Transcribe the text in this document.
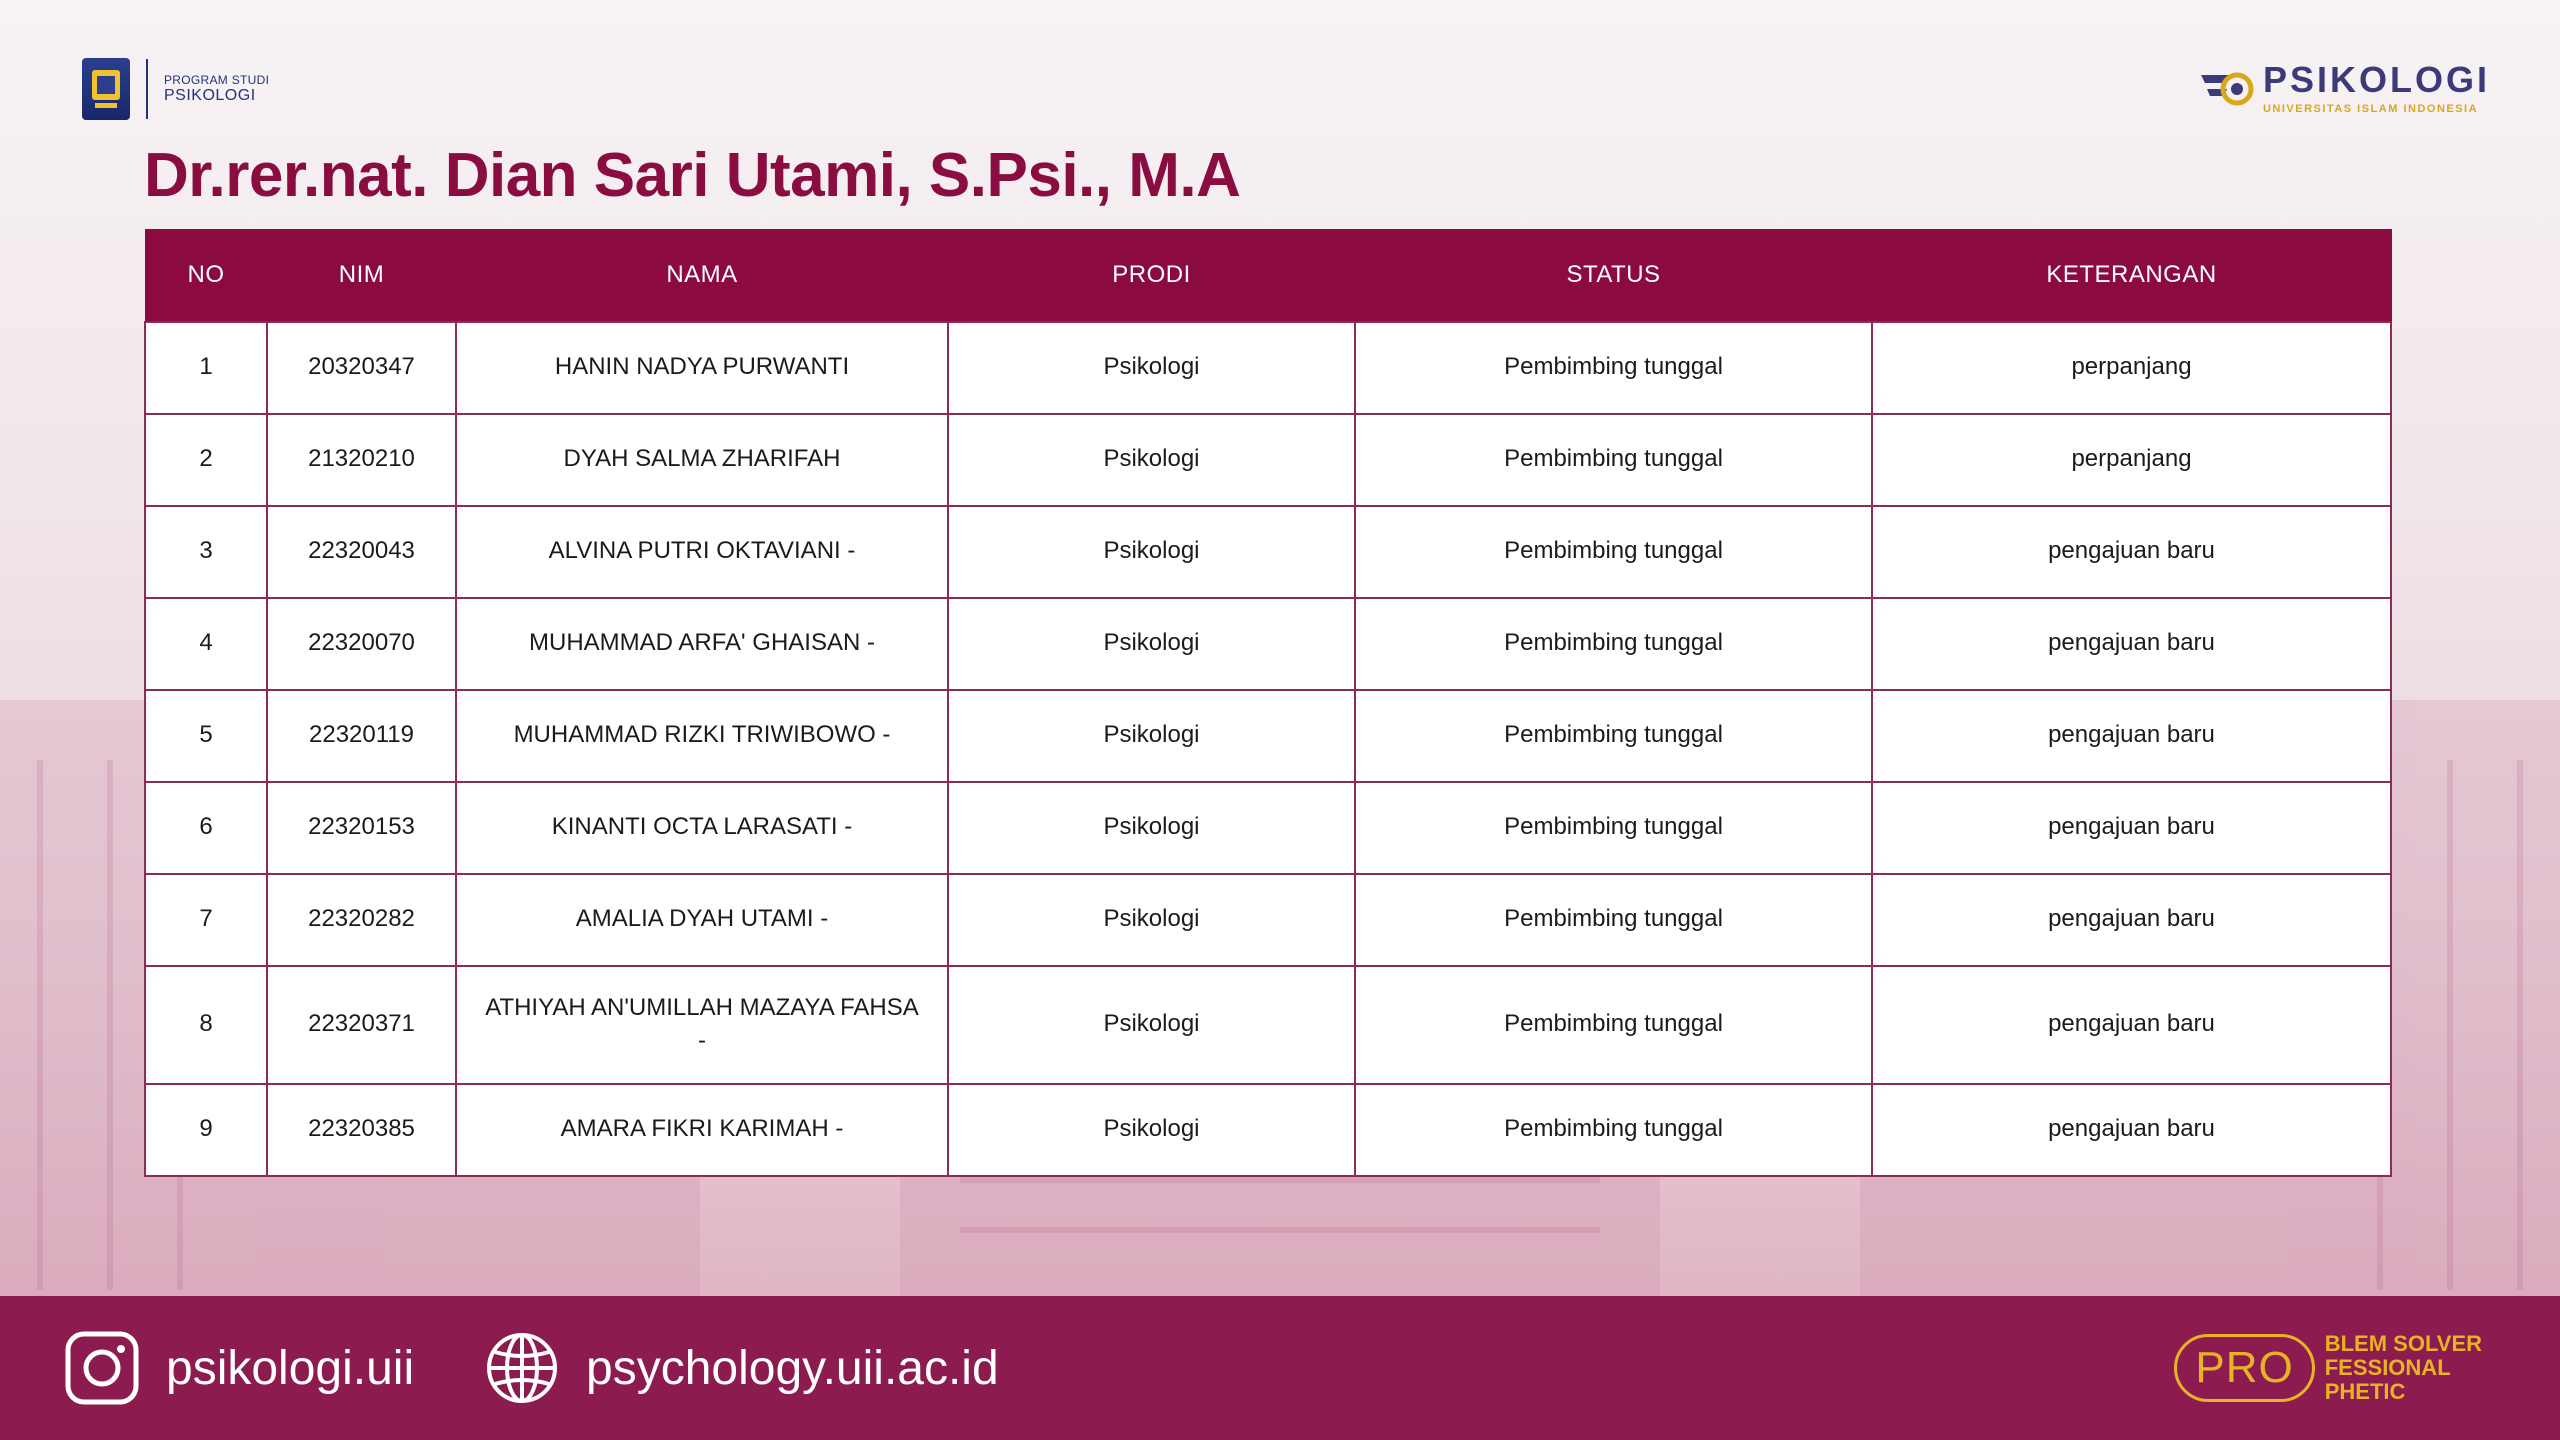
PROGRAM STUDI
PSIKOLOGI	PSIKOLOGI
UNIVERSITAS ISLAM INDONESIA
Dr.rer.nat. Dian Sari Utami, S.Psi., M.A
NO	NIM	NAMA	PRODI	STATUS	KETERANGAN
1	20320347	HANIN NADYA PURWANTI	Psikologi	Pembimbing tunggal	perpanjang
2	21320210	DYAH SALMA ZHARIFAH	Psikologi	Pembimbing tunggal	perpanjang
3	22320043	ALVINA PUTRI OKTAVIANI -	Psikologi	Pembimbing tunggal	pengajuan baru
4	22320070	MUHAMMAD ARFA' GHAISAN -	Psikologi	Pembimbing tunggal	pengajuan baru
5	22320119	MUHAMMAD RIZKI TRIWIBOWO -	Psikologi	Pembimbing tunggal	pengajuan baru
6	22320153	KINANTI OCTA LARASATI -	Psikologi	Pembimbing tunggal	pengajuan baru
7	22320282	AMALIA DYAH UTAMI -	Psikologi	Pembimbing tunggal	pengajuan baru
8	22320371	ATHIYAH AN'UMILLAH MAZAYA FAHSA -	Psikologi	Pembimbing tunggal	pengajuan baru
9	22320385	AMARA FIKRI KARIMAH -	Psikologi	Pembimbing tunggal	pengajuan baru
psikologi.uii	psychology.uii.ac.id	PRO	BLEM SOLVER
FESSIONAL
PHETIC
